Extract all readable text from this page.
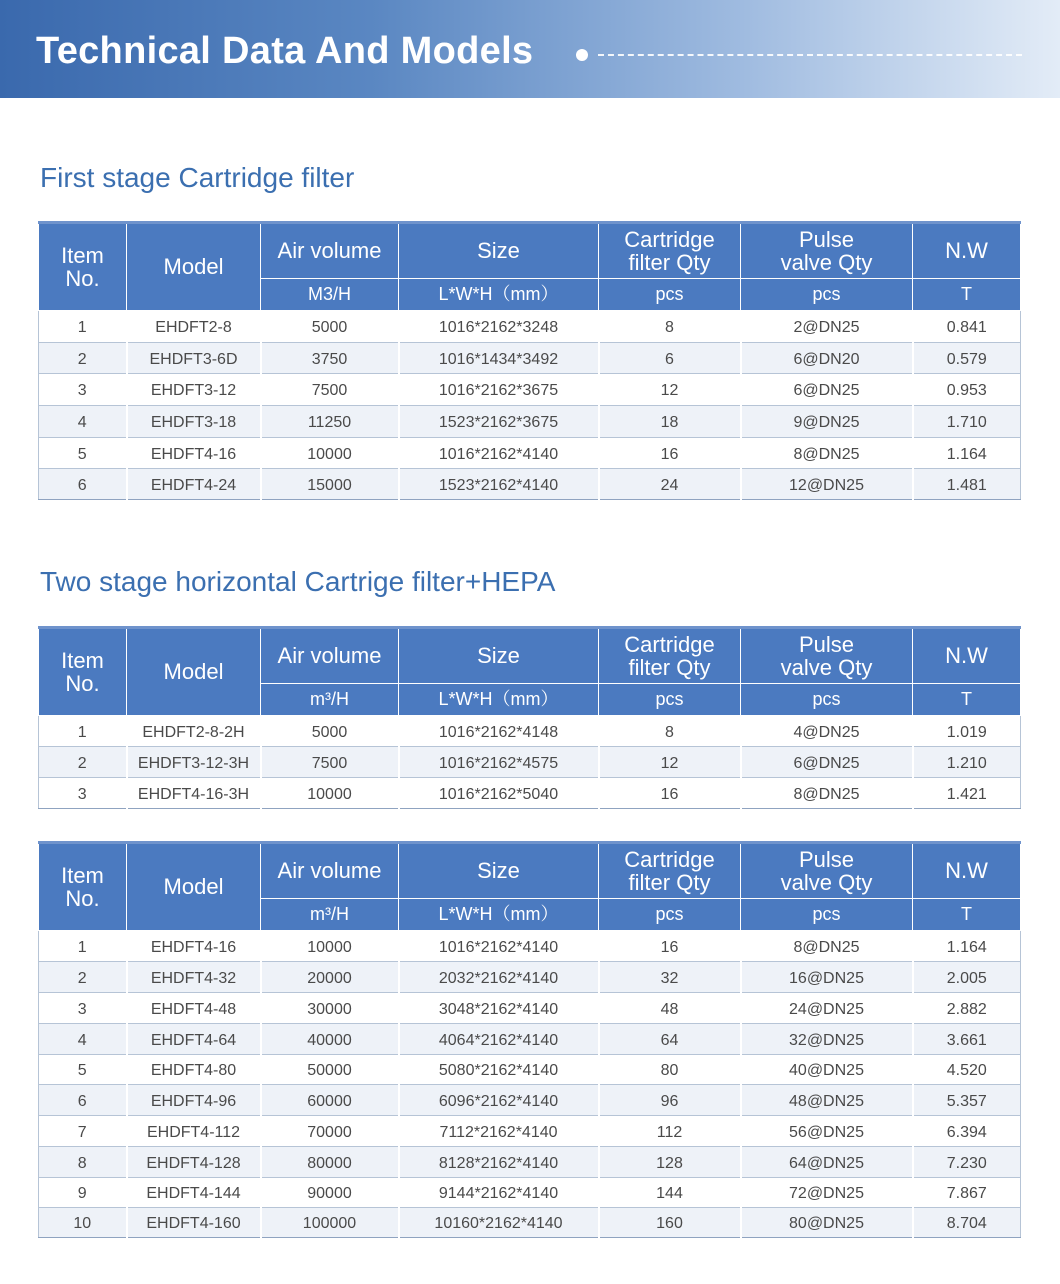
Technical Data And Models
First stage Cartridge filter
Item
No.	Model	Air volume	Size	Cartridge
filter Qty	Pulse
valve Qty	N.W
		M3/H	L*W*H（mm）	pcs	pcs	T
1	EHDFT2-8	5000	1016*2162*3248	8	2@DN25	0.841
2	EHDFT3-6D	3750	1016*1434*3492	6	6@DN20	0.579
3	EHDFT3-12	7500	1016*2162*3675	12	6@DN25	0.953
4	EHDFT3-18	11250	1523*2162*3675	18	9@DN25	1.710
5	EHDFT4-16	10000	1016*2162*4140	16	8@DN25	1.164
6	EHDFT4-24	15000	1523*2162*4140	24	12@DN25	1.481
Two stage horizontal Cartrige filter+HEPA
Item
No.	Model	Air volume	Size	Cartridge
filter Qty	Pulse
valve Qty	N.W
		m³/H	L*W*H（mm）	pcs	pcs	T
1	EHDFT2-8-2H	5000	1016*2162*4148	8	4@DN25	1.019
2	EHDFT3-12-3H	7500	1016*2162*4575	12	6@DN25	1.210
3	EHDFT4-16-3H	10000	1016*2162*5040	16	8@DN25	1.421
Item
No.	Model	Air volume	Size	Cartridge
filter Qty	Pulse
valve Qty	N.W
		m³/H	L*W*H（mm）	pcs	pcs	T
1	EHDFT4-16	10000	1016*2162*4140	16	8@DN25	1.164
2	EHDFT4-32	20000	2032*2162*4140	32	16@DN25	2.005
3	EHDFT4-48	30000	3048*2162*4140	48	24@DN25	2.882
4	EHDFT4-64	40000	4064*2162*4140	64	32@DN25	3.661
5	EHDFT4-80	50000	5080*2162*4140	80	40@DN25	4.520
6	EHDFT4-96	60000	6096*2162*4140	96	48@DN25	5.357
7	EHDFT4-112	70000	7112*2162*4140	112	56@DN25	6.394
8	EHDFT4-128	80000	8128*2162*4140	128	64@DN25	7.230
9	EHDFT4-144	90000	9144*2162*4140	144	72@DN25	7.867
10	EHDFT4-160	100000	10160*2162*4140	160	80@DN25	8.704
